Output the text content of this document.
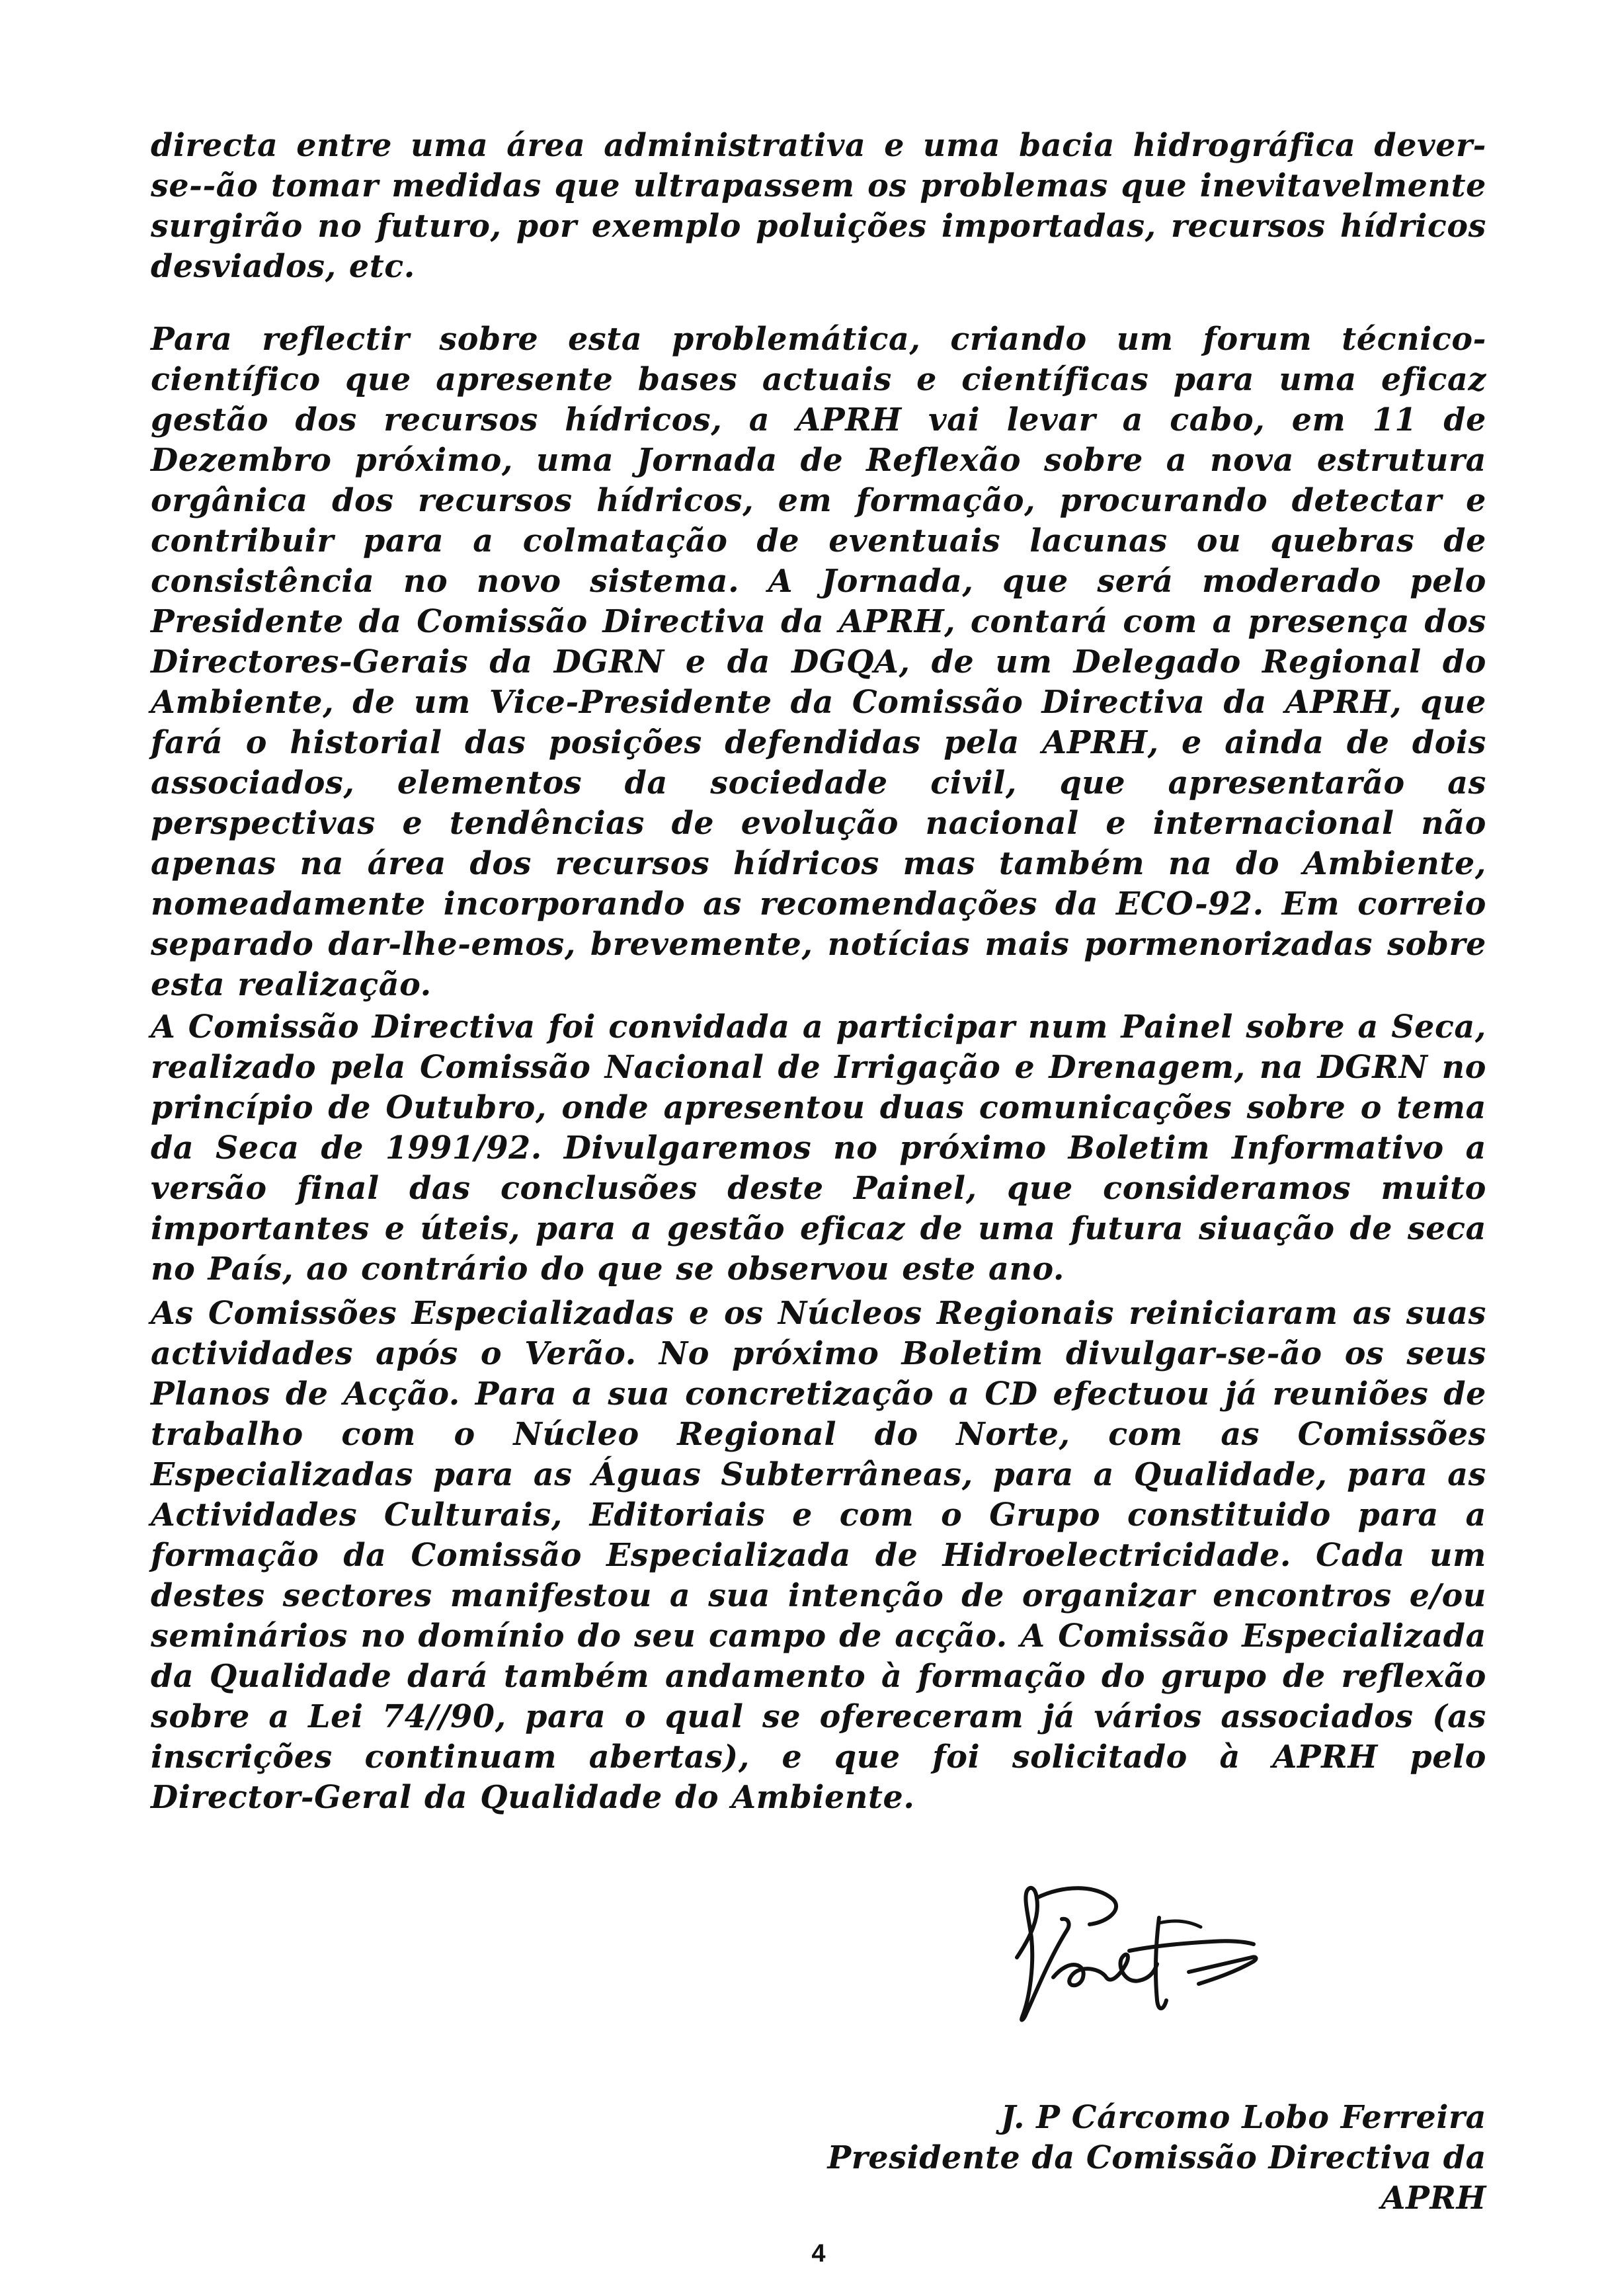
directa entre uma área administrativa e uma bacia hidrográfica dever-se--ão tomar medidas que ultrapassem os problemas que inevitavelmente surgirão no futuro, por exemplo poluições importadas, recursos hídricos desviados, etc.

Para reflectir sobre esta problemática, criando um forum técnico-científico que apresente bases actuais e científicas para uma eficaz gestão dos recursos hídricos, a APRH vai levar a cabo, em 11 de Dezembro próximo, uma Jornada de Reflexão sobre a nova estrutura orgânica dos recursos hídricos, em formação, procurando detectar e contribuir para a colmatação de eventuais lacunas ou quebras de consistência no novo sistema. A Jornada, que será moderado pelo Presidente da Comissão Directiva da APRH, contará com a presença dos Directores-Gerais da DGRN e da DGQA, de um Delegado Regional do Ambiente, de um Vice-Presidente da Comissão Directiva da APRH, que fará o historial das posições defendidas pela APRH, e ainda de dois associados, elementos da sociedade civil, que apresentarão as perspectivas e tendências de evolução nacional e internacional não apenas na área dos recursos hídricos mas também na do Ambiente, nomeadamente incorporando as recomendações da ECO-92. Em correio separado dar-lhe-emos, brevemente, notícias mais pormenorizadas sobre esta realização.

A Comissão Directiva foi convidada a participar num Painel sobre a Seca, realizado pela Comissão Nacional de Irrigação e Drenagem, na DGRN no princípio de Outubro, onde apresentou duas comunicações sobre o tema da Seca de 1991/92. Divulgaremos no próximo Boletim Informativo a versão final das conclusões deste Painel, que consideramos muito importantes e úteis, para a gestão eficaz de uma futura siuação de seca no País, ao contrário do que se observou este ano.

As Comissões Especializadas e os Núcleos Regionais reiniciaram as suas actividades após o Verão. No próximo Boletim divulgar-se-ão os seus Planos de Acção. Para a sua concretização a CD efectuou já reuniões de trabalho com o Núcleo Regional do Norte, com as Comissões Especializadas para as Águas Subterrâneas, para a Qualidade, para as Actividades Culturais, Editoriais e com o Grupo constituido para a formação da Comissão Especializada de Hidroelectricidade. Cada um destes sectores manifestou a sua intenção de organizar encontros e/ou seminários no domínio do seu campo de acção. A Comissão Especializada da Qualidade dará também andamento à formação do grupo de reflexão sobre a Lei 74//90, para o qual se ofereceram já vários associados (as inscrições continuam abertas), e que foi solicitado à APRH pelo Director-Geral da Qualidade do Ambiente.

J. P Cárcomo Lobo Ferreira
Presidente da Comissão Directiva da APRH
4
